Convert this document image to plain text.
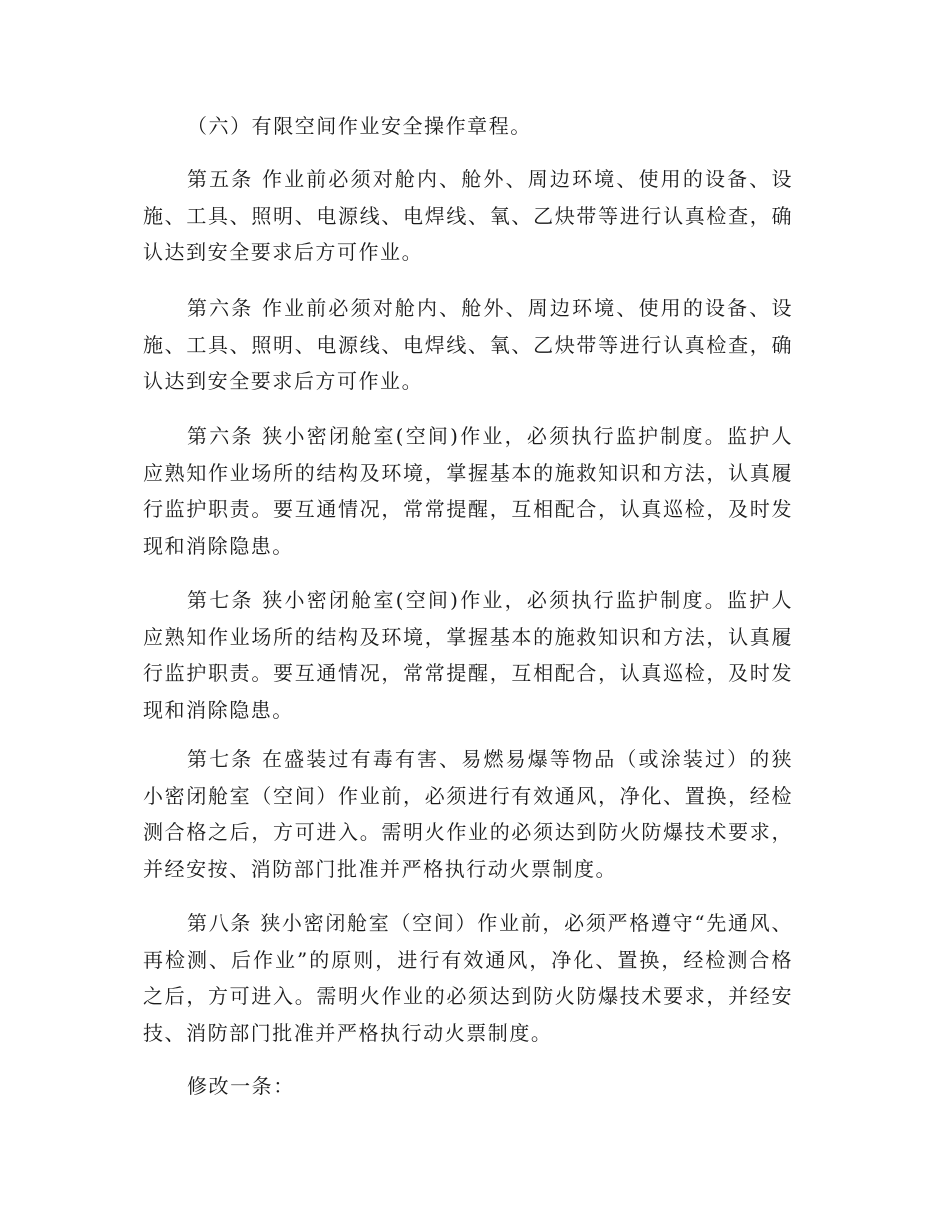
（六）有限空间作业安全操作章程。

第五条 作业前必须对舱内、舱外、周边环境、使用的设备、设施、工具、照明、电源线、电焊线、氧、乙炔带等进行认真检查，确认达到安全要求后方可作业。

第六条 作业前必须对舱内、舱外、周边环境、使用的设备、设施、工具、照明、电源线、电焊线、氧、乙炔带等进行认真检查，确认达到安全要求后方可作业。

第六条 狭小密闭舱室(空间)作业，必须执行监护制度。监护人应熟知作业场所的结构及环境，掌握基本的施救知识和方法，认真履行监护职责。要互通情况，常常提醒，互相配合，认真巡检，及时发现和消除隐患。

第七条 狭小密闭舱室(空间)作业，必须执行监护制度。监护人应熟知作业场所的结构及环境，掌握基本的施救知识和方法，认真履行监护职责。要互通情况，常常提醒，互相配合，认真巡检，及时发现和消除隐患。

第七条 在盛装过有毒有害、易燃易爆等物品（或涂装过）的狭小密闭舱室（空间）作业前，必须进行有效通风，净化、置换，经检测合格之后，方可进入。需明火作业的必须达到防火防爆技术要求，并经安按、消防部门批准并严格执行动火票制度。

第八条 狭小密闭舱室（空间）作业前，必须严格遵守“先通风、再检测、后作业”的原则，进行有效通风，净化、置换，经检测合格之后，方可进入。需明火作业的必须达到防火防爆技术要求，并经安技、消防部门批准并严格执行动火票制度。

修改一条：
